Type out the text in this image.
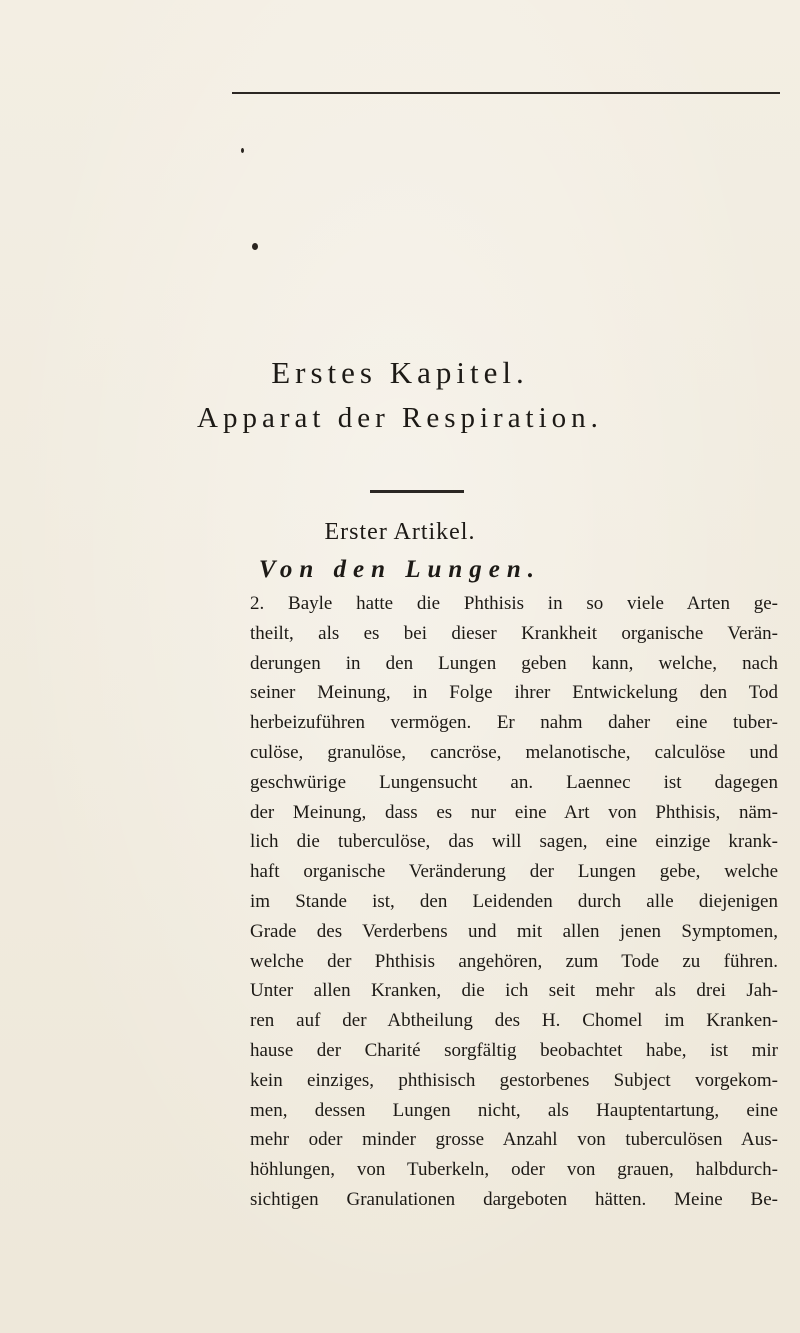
Erstes Kapitel.
Apparat der Respiration.
Erster Artikel.
Von den Lungen.
2. Bayle hatte die Phthisis in so viele Arten ge-
theilt, als es bei dieser Krankheit organische Verän-
derungen in den Lungen geben kann, welche, nach
seiner Meinung, in Folge ihrer Entwickelung den Tod
herbeizuführen vermögen. Er nahm daher eine tuber-
culöse, granulöse, cancröse, melanotische, calculöse und
geschwürige Lungensucht an. Laennec ist dagegen
der Meinung, dass es nur eine Art von Phthisis, näm-
lich die tuberculöse, das will sagen, eine einzige krank-
haft organische Veränderung der Lungen gebe, welche
im Stande ist, den Leidenden durch alle diejenigen
Grade des Verderbens und mit allen jenen Symptomen,
welche der Phthisis angehören, zum Tode zu führen.
Unter allen Kranken, die ich seit mehr als drei Jah-
ren auf der Abtheilung des H. Chomel im Kranken-
hause der Charité sorgfältig beobachtet habe, ist mir
kein einziges, phthisisch gestorbenes Subject vorgekom-
men, dessen Lungen nicht, als Hauptentartung, eine
mehr oder minder grosse Anzahl von tuberculösen Aus-
höhlungen, von Tuberkeln, oder von grauen, halbdurch-
sichtigen Granulationen dargeboten hätten. Meine Be-
